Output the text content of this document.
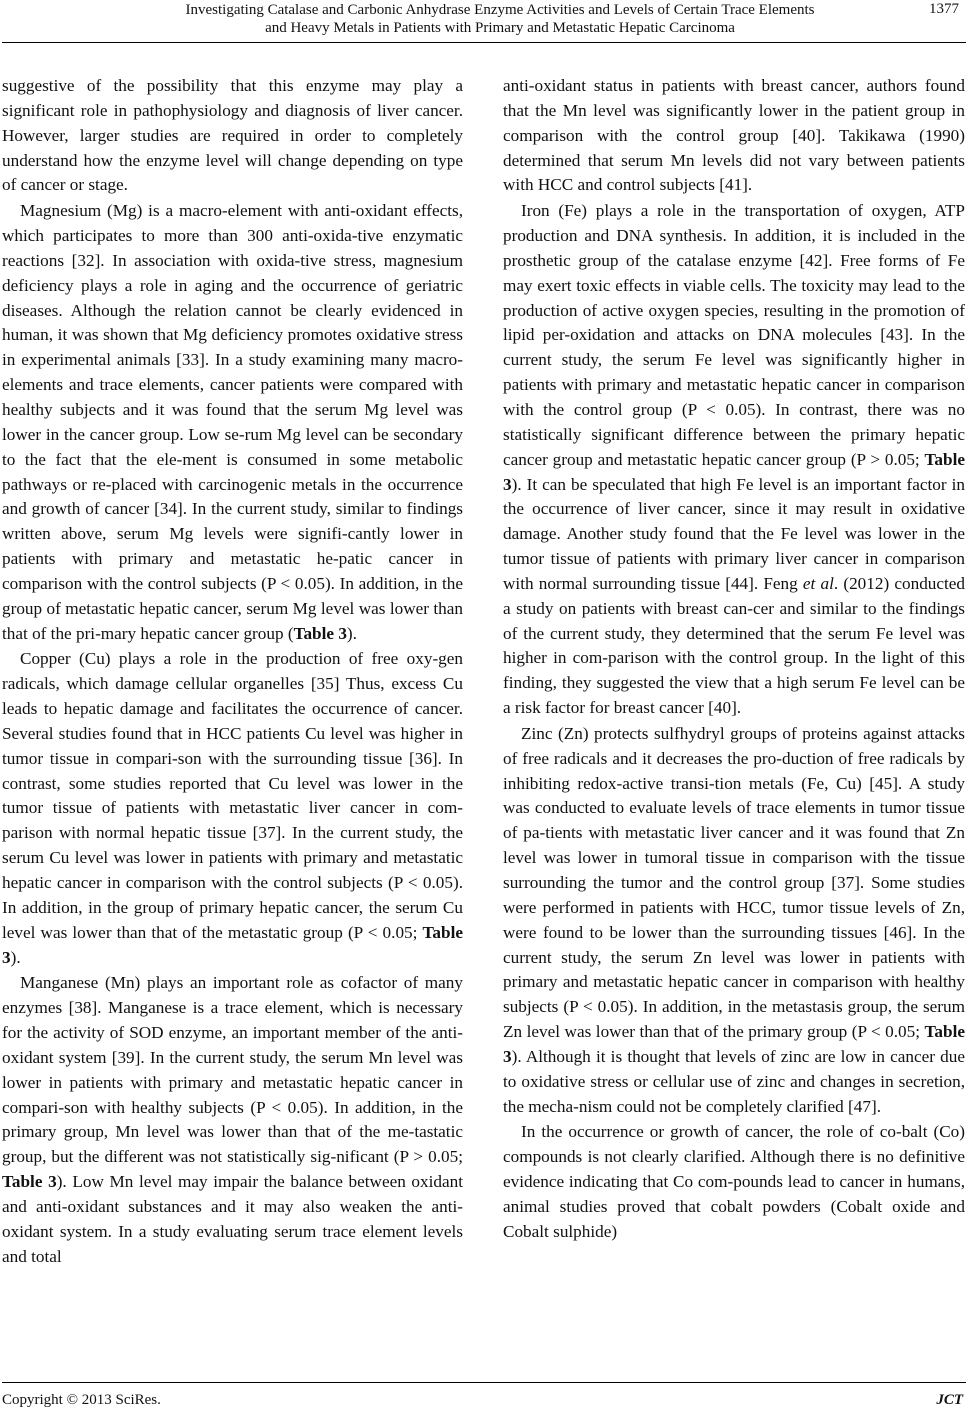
Investigating Catalase and Carbonic Anhydrase Enzyme Activities and Levels of Certain Trace Elements
and Heavy Metals in Patients with Primary and Metastatic Hepatic Carcinoma
1377

suggestive of the possibility that this enzyme may play a significant role in pathophysiology and diagnosis of liver cancer. However, larger studies are required in order to completely understand how the enzyme level will change depending on type of cancer or stage.

Magnesium (Mg) is a macro-element with anti-oxidant effects, which participates to more than 300 anti-oxida-tive enzymatic reactions [32]. In association with oxida-tive stress, magnesium deficiency plays a role in aging and the occurrence of geriatric diseases. Although the relation cannot be clearly evidenced in human, it was shown that Mg deficiency promotes oxidative stress in experimental animals [33]. In a study examining many macro-elements and trace elements, cancer patients were compared with healthy subjects and it was found that the serum Mg level was lower in the cancer group. Low se-rum Mg level can be secondary to the fact that the ele-ment is consumed in some metabolic pathways or re-placed with carcinogenic metals in the occurrence and growth of cancer [34]. In the current study, similar to findings written above, serum Mg levels were signifi-cantly lower in patients with primary and metastatic he-patic cancer in comparison with the control subjects (P < 0.05). In addition, in the group of metastatic hepatic cancer, serum Mg level was lower than that of the pri-mary hepatic cancer group (Table 3).

Copper (Cu) plays a role in the production of free oxy-gen radicals, which damage cellular organelles [35] Thus, excess Cu leads to hepatic damage and facilitates the occurrence of cancer. Several studies found that in HCC patients Cu level was higher in tumor tissue in compari-son with the surrounding tissue [36]. In contrast, some studies reported that Cu level was lower in the tumor tissue of patients with metastatic liver cancer in com-parison with normal hepatic tissue [37]. In the current study, the serum Cu level was lower in patients with primary and metastatic hepatic cancer in comparison with the control subjects (P < 0.05). In addition, in the group of primary hepatic cancer, the serum Cu level was lower than that of the metastatic group (P < 0.05; Table 3).

Manganese (Mn) plays an important role as cofactor of many enzymes [38]. Manganese is a trace element, which is necessary for the activity of SOD enzyme, an important member of the anti-oxidant system [39]. In the current study, the serum Mn level was lower in patients with primary and metastatic hepatic cancer in compari-son with healthy subjects (P < 0.05). In addition, in the primary group, Mn level was lower than that of the me-tastatic group, but the different was not statistically sig-nificant (P > 0.05; Table 3). Low Mn level may impair the balance between oxidant and anti-oxidant substances and it may also weaken the anti-oxidant system. In a study evaluating serum trace element levels and total

anti-oxidant status in patients with breast cancer, authors found that the Mn level was significantly lower in the patient group in comparison with the control group [40]. Takikawa (1990) determined that serum Mn levels did not vary between patients with HCC and control subjects [41].

Iron (Fe) plays a role in the transportation of oxygen, ATP production and DNA synthesis. In addition, it is included in the prosthetic group of the catalase enzyme [42]. Free forms of Fe may exert toxic effects in viable cells. The toxicity may lead to the production of active oxygen species, resulting in the promotion of lipid per-oxidation and attacks on DNA molecules [43]. In the current study, the serum Fe level was significantly higher in patients with primary and metastatic hepatic cancer in comparison with the control group (P < 0.05). In contrast, there was no statistically significant difference between the primary hepatic cancer group and metastatic hepatic cancer group (P > 0.05; Table 3). It can be speculated that high Fe level is an important factor in the occurrence of liver cancer, since it may result in oxidative damage. Another study found that the Fe level was lower in the tumor tissue of patients with primary liver cancer in comparison with normal surrounding tissue [44]. Feng et al. (2012) conducted a study on patients with breast can-cer and similar to the findings of the current study, they determined that the serum Fe level was higher in com-parison with the control group. In the light of this finding, they suggested the view that a high serum Fe level can be a risk factor for breast cancer [40].

Zinc (Zn) protects sulfhydryl groups of proteins against attacks of free radicals and it decreases the pro-duction of free radicals by inhibiting redox-active transi-tion metals (Fe, Cu) [45]. A study was conducted to evaluate levels of trace elements in tumor tissue of pa-tients with metastatic liver cancer and it was found that Zn level was lower in tumoral tissue in comparison with the tissue surrounding the tumor and the control group [37]. Some studies were performed in patients with HCC, tumor tissue levels of Zn, were found to be lower than the surrounding tissues [46]. In the current study, the serum Zn level was lower in patients with primary and metastatic hepatic cancer in comparison with healthy subjects (P < 0.05). In addition, in the metastasis group, the serum Zn level was lower than that of the primary group (P < 0.05; Table 3). Although it is thought that levels of zinc are low in cancer due to oxidative stress or cellular use of zinc and changes in secretion, the mecha-nism could not be completely clarified [47].

In the occurrence or growth of cancer, the role of co-balt (Co) compounds is not clearly clarified. Although there is no definitive evidence indicating that Co com-pounds lead to cancer in humans, animal studies proved that cobalt powders (Cobalt oxide and Cobalt sulphide)

Copyright © 2013 SciRes.	JCT
